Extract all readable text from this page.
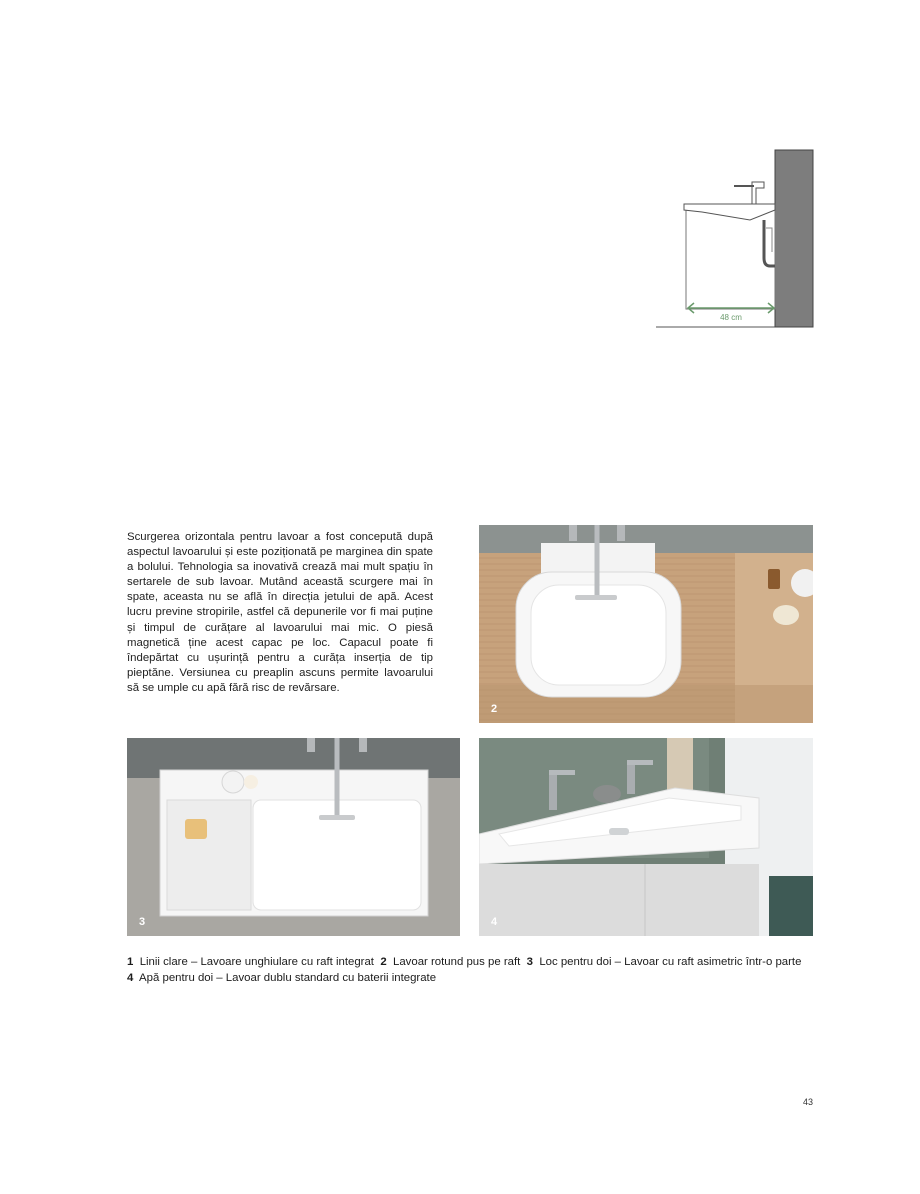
48 cm
Scurgerea orizontala pentru lavoar a fost concepută după aspectul lavoarului și este poziționată pe marginea din spate a bolului. Tehnologia sa inovativă crează mai mult spațiu în sertarele de sub lavoar. Mutând această scurgere mai în spate, aceasta nu se află în direcția jetului de apă. Acest lucru previne stropirile, astfel că depunerile vor fi mai puține și timpul de curățare al lavoarului mai mic. O piesă magnetică ține acest capac pe loc. Capacul poate fi îndepărtat cu ușurință pentru a curăța inserția de tip pieptăne. Versiunea cu preaplin ascuns permite lavoarului să se umple cu apă fără risc de revărsare.
2
3	4
1 Linii clare – Lavoare unghiulare cu raft integrat 2 Lavoar rotund pus pe raft 3 Loc pentru doi – Lavoar cu raft asimetric într-o parte  4 Apă pentru doi – Lavoar dublu standard cu baterii integrate
43
